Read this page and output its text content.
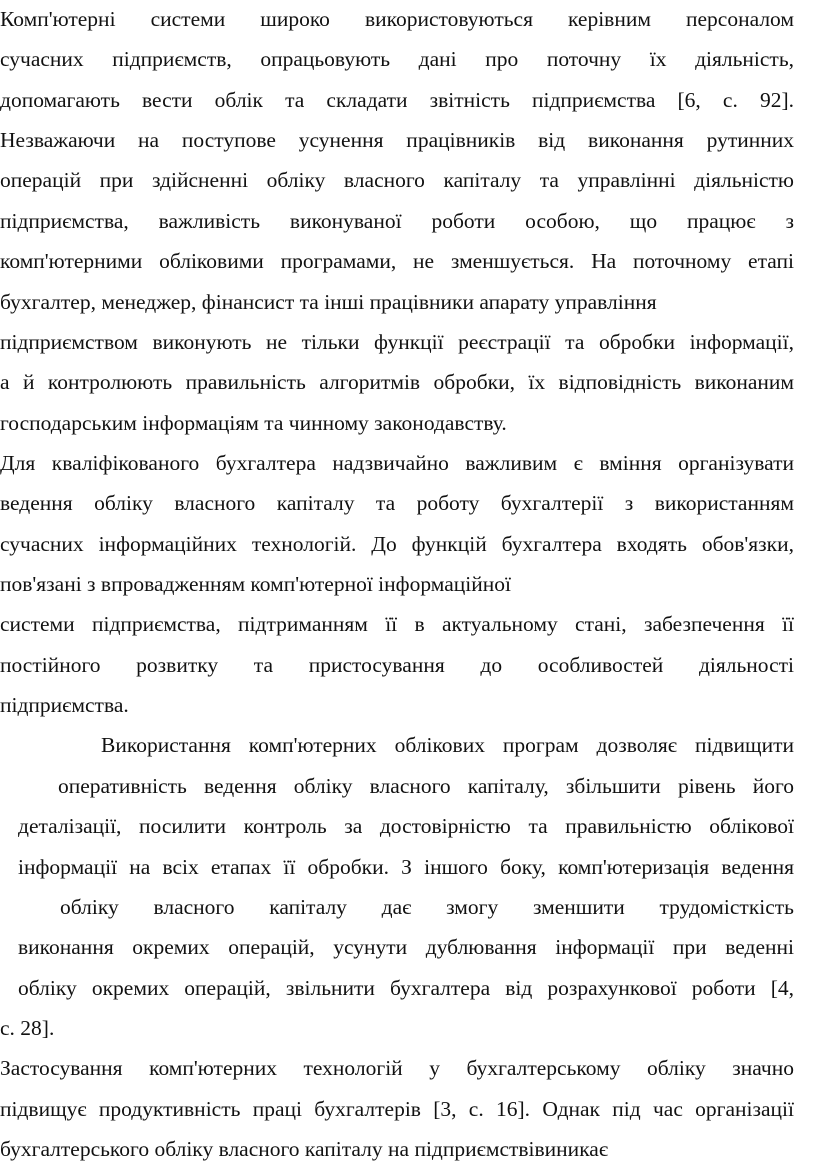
Комп'ютерні системи широко використовуються керівним персоналом
сучасних підприємств, опрацьовують дані про поточну їх діяльність,
допомагають вести облік та складати звітність підприємства [6, с. 92].
Незважаючи на поступове усунення працівників від виконання рутинних
операцій при здійсненні обліку власного капіталу та управлінні діяльністю
підприємства, важливість виконуваної роботи особою, що працює з
комп'ютерними обліковими програмами, не зменшується. На поточному етапі
бухгалтер, менеджер, фінансист та інші працівники апарату управління
підприємством виконують не тільки функції реєстрації та обробки інформації,
а й контролюють правильність алгоритмів обробки, їх відповідність виконаним
господарським інформаціям та чинному законодавству.
Для кваліфікованого бухгалтера надзвичайно важливим є вміння організувати
ведення обліку власного капіталу та роботу бухгалтерії з використанням
сучасних інформаційних технологій. До функцій бухгалтера входять обов'язки,
пов'язані з впровадженням комп'ютерної інформаційної
системи підприємства, підтриманням її в актуальному стані, забезпечення її
постійного розвитку та пристосування до особливостей діяльності
підприємства.
Використання комп'ютерних облікових програм дозволяє підвищити
оперативність ведення обліку власного капіталу, збільшити рівень його
деталізації, посилити контроль за достовірністю та правильністю облікової
інформації на всіх етапах її обробки. З іншого боку, комп'ютеризація ведення
обліку власного капіталу дає змогу зменшити трудомісткість
виконання окремих операцій, усунути дублювання інформації при веденні
обліку окремих операцій, звільнити бухгалтера від розрахункової роботи [4,
с. 28].
Застосування комп'ютерних технологій у бухгалтерському обліку значно
підвищує продуктивність праці бухгалтерів [3, с. 16]. Однак під час організації
бухгалтерського обліку власного капіталу на підприємствівиникає
